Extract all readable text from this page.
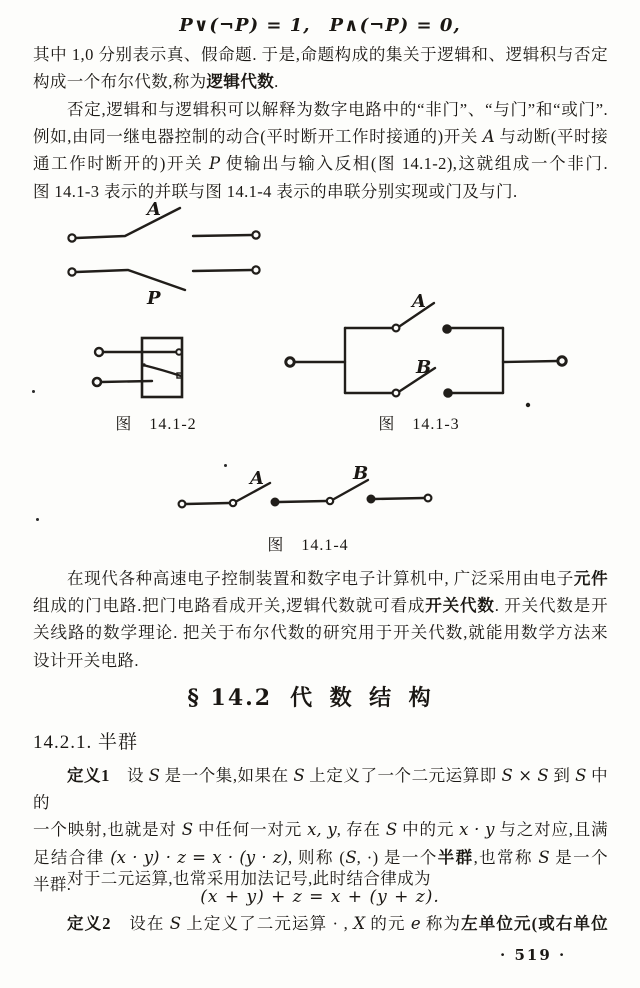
P∨(¬P) = 1,　P∧(¬P) = 0,
其中 1,0 分别表示真、假命题. 于是,命题构成的集关于逻辑和、逻辑积与否定
构成一个布尔代数,称为逻辑代数.
否定,逻辑和与逻辑积可以解释为数字电路中的“非门”、“与门”和“或门”.
例如,由同一继电器控制的动合(平时断开工作时接通的)开关 A 与动断(平时接
通工作时断开的)开关 P 使输出与输入反相(图 14.1-2),这就组成一个非门.
图 14.1-3 表示的并联与图 14.1-4 表示的串联分别实现或门及与门.
A
P	A
B
图　14.1-2	图　14.1-3
A	B
图　14.1-4
在现代各种高速电子控制装置和数字电子计算机中, 广泛采用由电子元件
组成的门电路.把门电路看成开关,逻辑代数就可看成开关代数. 开关代数是开
关线路的数学理论. 把关于布尔代数的研究用于开关代数,就能用数学方法来
设计开关电路.
§ 14.2 代 数 结 构
14.2.1. 半群
定义1　设 S 是一个集,如果在 S 上定义了一个二元运算即 S × S 到 S 中的
一个映射,也就是对 S 中任何一对元 x, y, 存在 S 中的元 x · y 与之对应,且满
足结合律 (x · y) · z = x · (y · z), 则称 (S, ·) 是一个半群,也常称 S 是一个
半群.
对于二元运算,也常采用加法记号,此时结合律成为
(x + y) + z = x + (y + z).
定义2　设在 S 上定义了二元运算 · , X 的元 e 称为左单位元(或右单位
· 519 ·
